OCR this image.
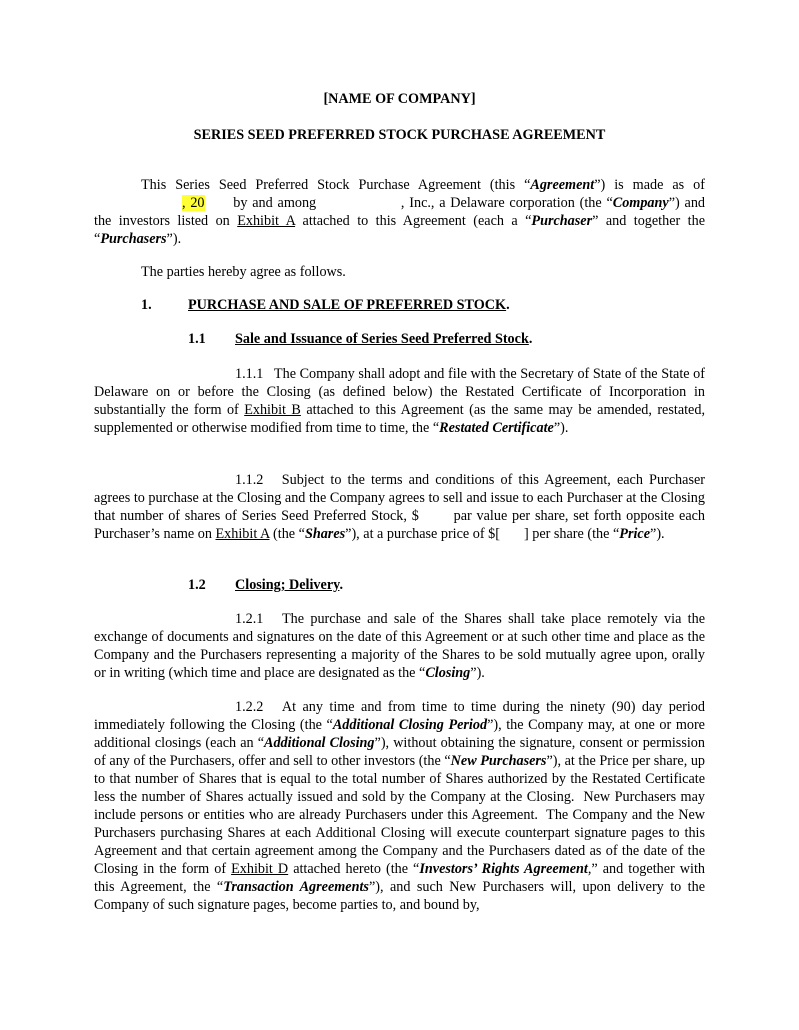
[NAME OF COMPANY]
SERIES SEED PREFERRED STOCK PURCHASE AGREEMENT
This Series Seed Preferred Stock Purchase Agreement (this “Agreement”) is made as of , 20 by and among	, Inc., a Delaware corporation (the “Company”) and the investors listed on Exhibit A attached to this Agreement (each a “Purchaser” and together the “Purchasers”).
The parties hereby agree as follows.
1.	PURCHASE AND SALE OF PREFERRED STOCK.
1.1 Sale and Issuance of Series Seed Preferred Stock.
1.1.1   The Company shall adopt and file with the Secretary of State of the State of Delaware on or before the Closing (as defined below) the Restated Certificate of Incorporation in substantially the form of Exhibit B attached to this Agreement (as the same may be amended, restated, supplemented or otherwise modified from time to time, the “Restated Certificate”).
1.1.2   Subject to the terms and conditions of this Agreement, each Purchaser agrees to purchase at the Closing and the Company agrees to sell and issue to each Purchaser at the Closing that number of shares of Series Seed Preferred Stock, $ par value per share, set forth opposite each Purchaser’s name on Exhibit A (the “Shares”), at a purchase price of $[ ] per share (the “Price”).
1.2 Closing; Delivery.
1.2.1   The purchase and sale of the Shares shall take place remotely via the exchange of documents and signatures on the date of this Agreement or at such other time and place as the Company and the Purchasers representing a majority of the Shares to be sold mutually agree upon, orally or in writing (which time and place are designated as the “Closing”).
1.2.2   At any time and from time to time during the ninety (90) day period immediately following the Closing (the “Additional Closing Period”), the Company may, at one or more additional closings (each an “Additional Closing”), without obtaining the signature, consent or permission of any of the Purchasers, offer and sell to other investors (the “New Purchasers”), at the Price per share, up to that number of Shares that is equal to the total number of Shares authorized by the Restated Certificate less the number of Shares actually issued and sold by the Company at the Closing.  New Purchasers may include persons or entities who are already Purchasers under this Agreement.  The Company and the New Purchasers purchasing Shares at each Additional Closing will execute counterpart signature pages to this Agreement and that certain agreement among the Company and the Purchasers dated as of the date of the Closing in the form of Exhibit D attached hereto (the “Investors’ Rights Agreement,” and together with this Agreement, the “Transaction Agreements”), and such New Purchasers will, upon delivery to the Company of such signature pages, become parties to, and bound by,
